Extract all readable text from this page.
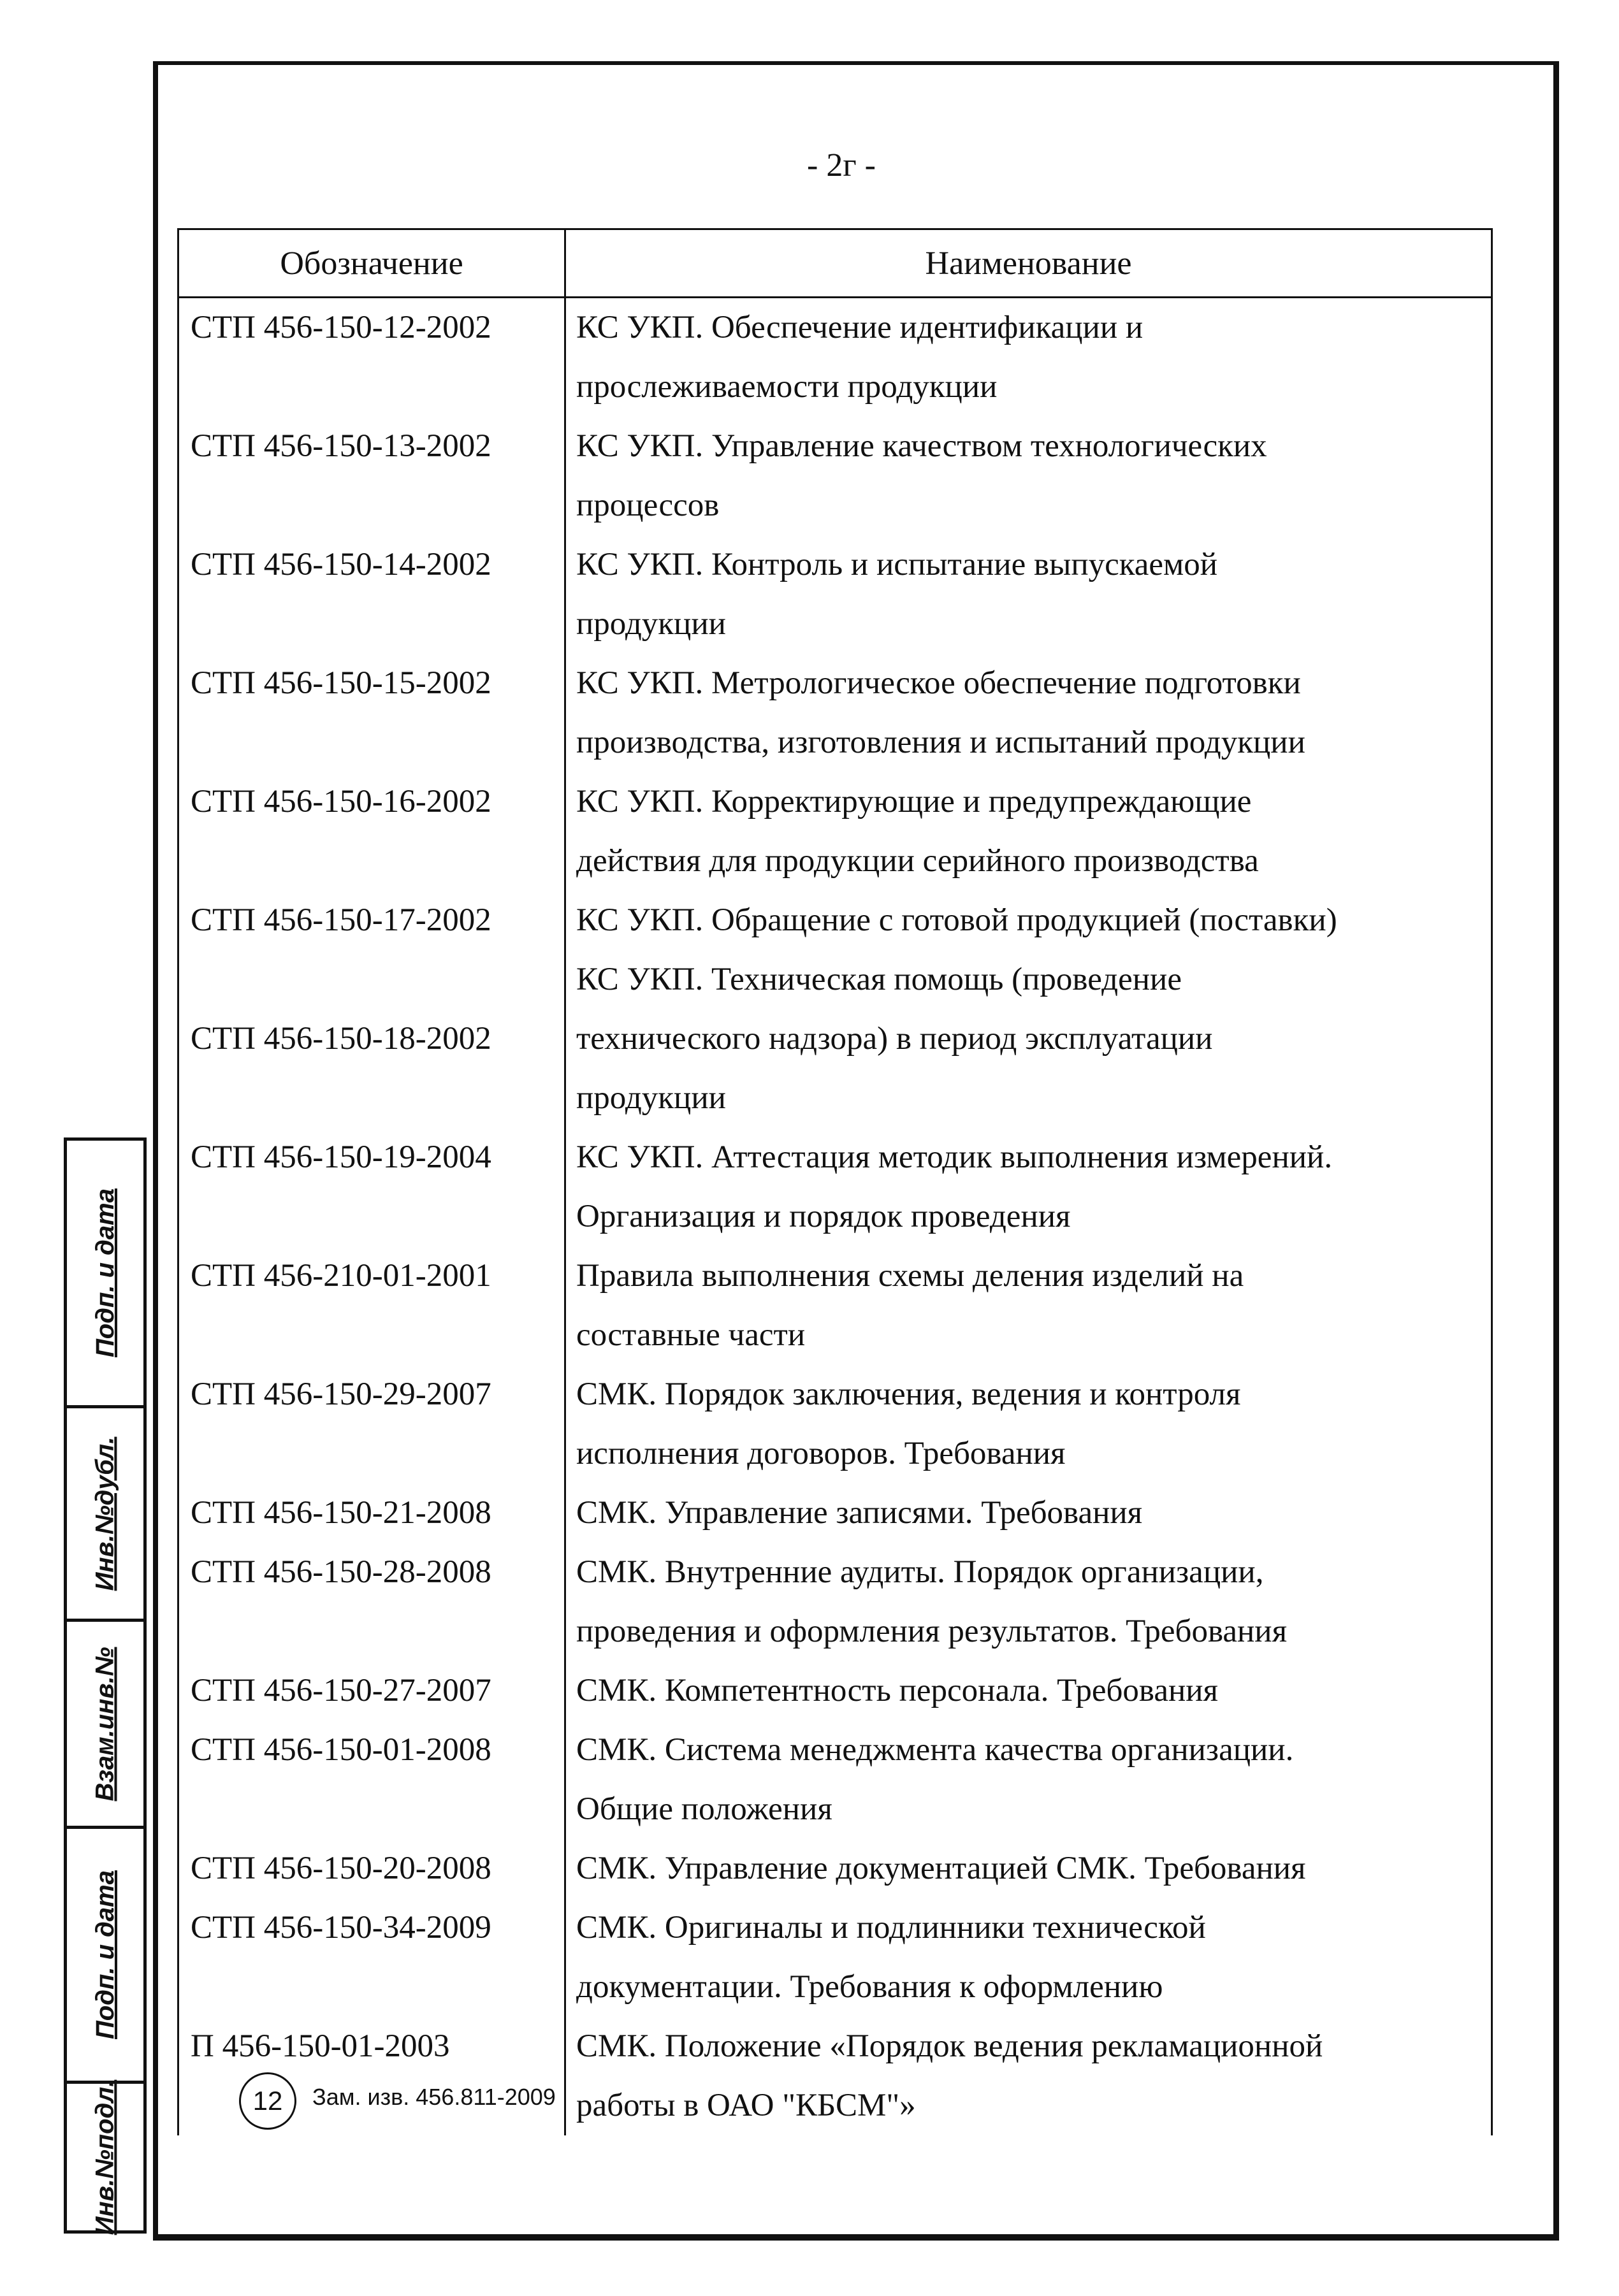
- 2г -
Обозначение	Наименование
СТП 456-150-12-2002	КС УКП. Обеспечение идентификации и
	прослеживаемости продукции
СТП 456-150-13-2002	КС УКП. Управление качеством технологических
	процессов
СТП 456-150-14-2002	КС УКП. Контроль и испытание выпускаемой
	продукции
СТП 456-150-15-2002	КС УКП. Метрологическое обеспечение подготовки
	производства, изготовления и испытаний продукции
СТП 456-150-16-2002	КС УКП. Корректирующие и предупреждающие
	действия для продукции серийного производства
СТП 456-150-17-2002	КС УКП. Обращение с готовой продукцией (поставки)
	КС УКП. Техническая помощь (проведение
СТП 456-150-18-2002	технического надзора) в период эксплуатации
	продукции
СТП 456-150-19-2004	КС УКП. Аттестация методик выполнения измерений.
	Организация и порядок проведения
СТП 456-210-01-2001	Правила выполнения схемы деления изделий на
	составные части
СТП 456-150-29-2007	СМК. Порядок заключения, ведения и контроля
	исполнения договоров. Требования
СТП 456-150-21-2008	СМК. Управление записями. Требования
СТП 456-150-28-2008	СМК. Внутренние аудиты. Порядок организации,
	проведения и оформления результатов. Требования
СТП 456-150-27-2007	СМК. Компетентность персонала. Требования
СТП 456-150-01-2008	СМК. Система менеджмента качества организации.
	Общие положения
СТП 456-150-20-2008	СМК. Управление документацией СМК. Требования
СТП 456-150-34-2009	СМК. Оригиналы и подлинники технической
	документации. Требования к оформлению
П 456-150-01-2003	СМК. Положение «Порядок ведения рекламационной
	работы в ОАО "КБСМ"»
Подп. и дата
Инв.№дубл.
Взам.инв.№
Подп. и дата
Инв.№подл.	12	Зам. изв. 456.811-2009
